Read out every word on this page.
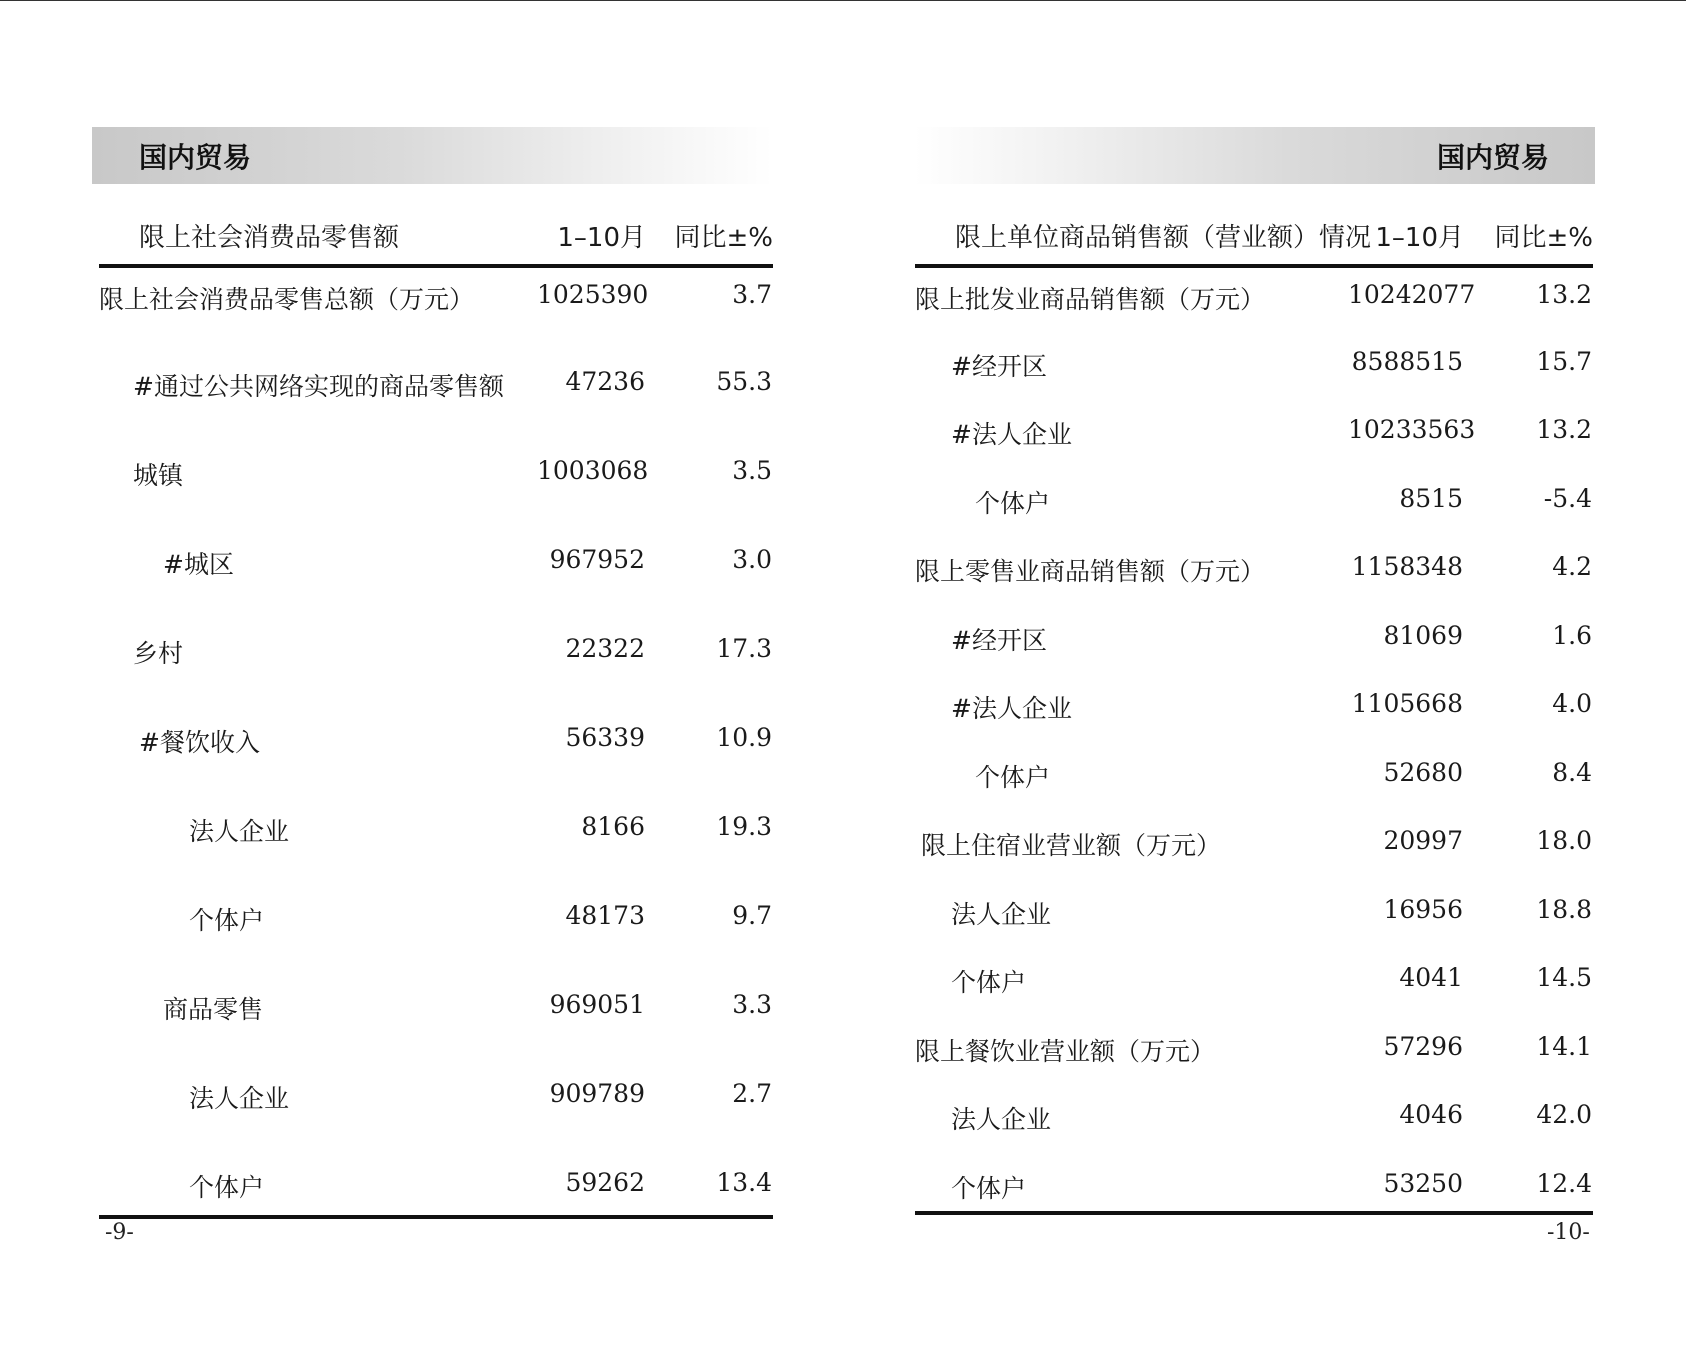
国内贸易
限上社会消费品零售额	1–10月	同比±%
限上社会消费品零售总额（万元）	1025390	3.7
#通过公共网络实现的商品零售额	47236	55.3
城镇	1003068	3.5
#城区	967952	3.0
乡村	22322	17.3
#餐饮收入	56339	10.9
法人企业	8166	19.3
个体户	48173	9.7
商品零售	969051	3.3
法人企业	909789	2.7
个体户	59262	13.4
-9-
国内贸易
限上单位商品销售额（营业额）情况	1–10月	同比±%
限上批发业商品销售额（万元）	10242077	13.2
#经开区	8588515	15.7
#法人企业	10233563	13.2
个体户	8515	-5.4
限上零售业商品销售额（万元）	1158348	4.2
#经开区	81069	1.6
#法人企业	1105668	4.0
个体户	52680	8.4
限上住宿业营业额（万元）	20997	18.0
法人企业	16956	18.8
个体户	4041	14.5
限上餐饮业营业额（万元）	57296	14.1
法人企业	4046	42.0
个体户	53250	12.4
-10-
